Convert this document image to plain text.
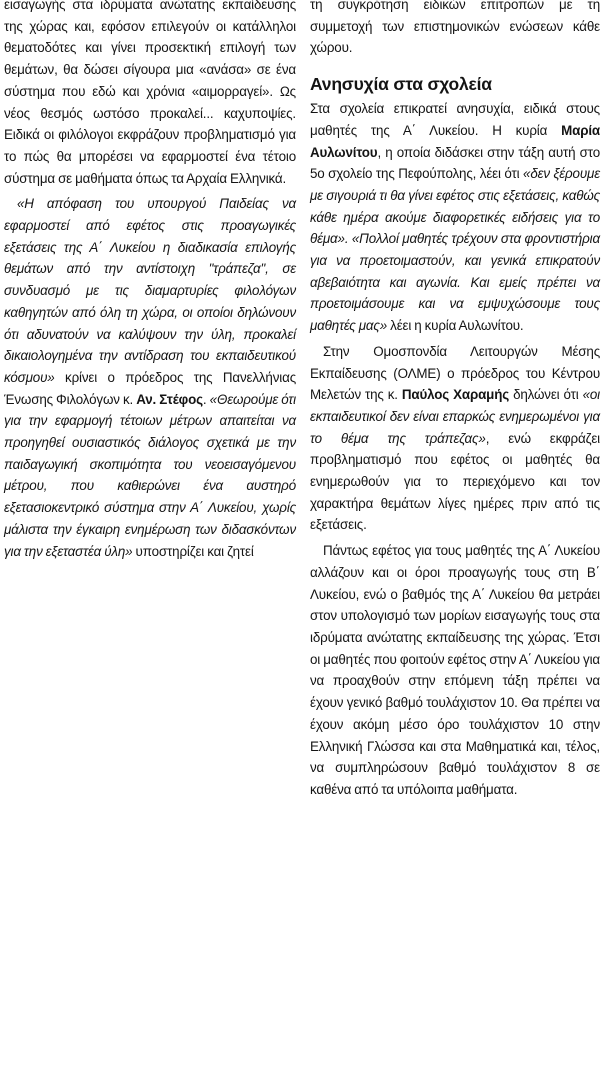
εισαγωγής στα ιδρύματα ανώτατης εκπαίδευσης της χώρας και, εφόσον επιλεγούν οι κατάλληλοι θεματοδότες και γίνει προσεκτική επιλογή των θεμάτων, θα δώσει σίγουρα μια «ανάσα» σε ένα σύστημα που εδώ και χρόνια «αιμορραγεί». Ως νέος θεσμός ωστόσο προκαλεί... καχυποψίες. Ειδικά οι φιλόλογοι εκφράζουν προβληματισμό για το πώς θα μπορέσει να εφαρμοστεί ένα τέτοιο σύστημα σε μαθήματα όπως τα Αρχαία Ελληνικά.

«Η απόφαση του υπουργού Παιδείας να εφαρμοστεί από εφέτος στις προαγωγικές εξετάσεις της Α΄ Λυκείου η διαδικασία επιλογής θεμάτων από την αντίστοιχη "τράπεζα", σε συνδυασμό με τις διαμαρτυρίες φιλολόγων καθηγητών από όλη τη χώρα, οι οποίοι δηλώνουν ότι αδυνατούν να καλύψουν την ύλη, προκαλεί δικαιολογημένα την αντίδραση του εκπαιδευτικού κόσμου» κρίνει ο πρόεδρος της Πανελλήνιας Ένωσης Φιλολόγων κ. Αν. Στέφος. «Θεωρούμε ότι για την εφαρμογή τέτοιων μέτρων απαιτείται να προηγηθεί ουσιαστικός διάλογος σχετικά με την παιδαγωγική σκοπιμότητα του νεοεισαγόμενου μέτρου, που καθιερώνει ένα αυστηρό εξετασιοκεντρικό σύστημα στην Α΄ Λυκείου, χωρίς μάλιστα την έγκαιρη ενημέρωση των διδασκόντων για την εξεταστέα ύλη» υποστηρίζει και ζητεί

τη συγκρότηση ειδικών επιτροπών με τη συμμετοχή των επιστημονικών ενώσεων κάθε χώρου.

Ανησυχία στα σχολεία

Στα σχολεία επικρατεί ανησυχία, ειδικά στους μαθητές της Α΄ Λυκείου. Η κυρία Μαρία Αυλωνίτου, η οποία διδάσκει στην τάξη αυτή στο 5ο σχολείο της Πεφούπολης, λέει ότι «δεν ξέρουμε με σιγουριά τι θα γίνει εφέτος στις εξετάσεις, καθώς κάθε ημέρα ακούμε διαφορετικές ειδήσεις για το θέμα». «Πολλοί μαθητές τρέχουν στα φροντιστήρια για να προετοιμαστούν, και γενικά επικρατούν αβεβαιότητα και αγωνία. Και εμείς πρέπει να προετοιμάσουμε και να εμψυχώσουμε τους μαθητές μας» λέει η κυρία Αυλωνίτου.

Στην Ομοσπονδία Λειτουργών Μέσης Εκπαίδευσης (ΟΛΜΕ) ο πρόεδρος του Κέντρου Μελετών της κ. Παύλος Χαραμής δηλώνει ότι «οι εκπαιδευτικοί δεν είναι επαρκώς ενημερωμένοι για το θέμα της τράπεζας», ενώ εκφράζει προβληματισμό που εφέτος οι μαθητές θα ενημερωθούν για το περιεχόμενο και τον χαρακτήρα θεμάτων λίγες ημέρες πριν από τις εξετάσεις.

Πάντως εφέτος για τους μαθητές της Α΄ Λυκείου αλλάζουν και οι όροι προαγωγής τους στη Β΄ Λυκείου, ενώ ο βαθμός της Α΄ Λυκείου θα μετράει στον υπολογισμό των μορίων εισαγωγής τους στα ιδρύματα ανώτατης εκπαίδευσης της χώρας. Έτσι οι μαθητές που φοιτούν εφέτος στην Α΄ Λυκείου για να προαχθούν στην επόμενη τάξη πρέπει να έχουν γενικό βαθμό τουλάχιστον 10. Θα πρέπει να έχουν ακόμη μέσο όρο τουλάχιστον 10 στην Ελληνική Γλώσσα και στα Μαθηματικά και, τέλος, να συμπληρώσουν βαθμό τουλάχιστον 8 σε καθένα από τα υπόλοιπα μαθήματα.
